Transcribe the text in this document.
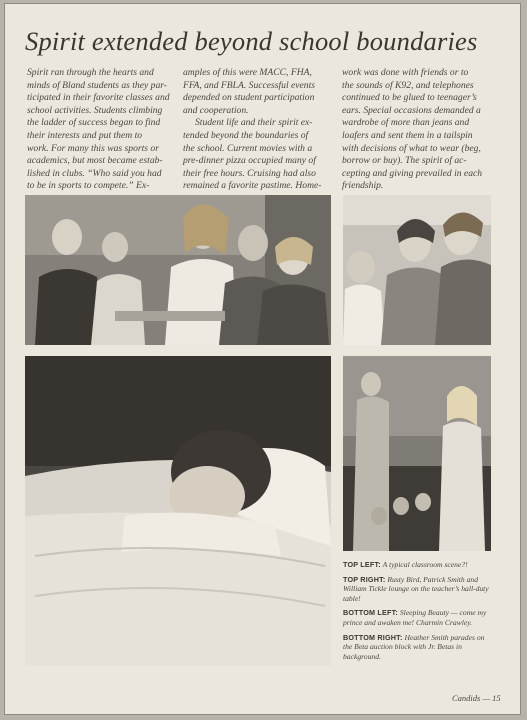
Spirit extended beyond school boundaries
Spirit ran through the hearts and
minds of Bland students as they par-
ticipated in their favorite classes and
school activities. Students climbing
the ladder of success began to find
their interests and put them to
work. For many this was sports or
academics, but most became estab-
lished in clubs. “Who said you had
to be in sports to compete.” Ex-
amples of this were MACC, FHA,
FFA, and FBLA. Successful events
depended on student participation
and cooperation.
Student life and their spirit ex-
tended beyond the boundaries of
the school. Current movies with a
pre-dinner pizza occupied many of
their free hours. Cruising had also
remained a favorite pastime. Home-
work was done with friends or to
the sounds of K92, and telephones
continued to be glued to teenager’s
ears. Special occasions demanded a
wardrobe of more than jeans and
loafers and sent them in a tailspin
with decisions of what to wear (beg,
borrow or buy). The spirit of ac-
cepting and giving prevailed in each
friendship.
TOP LEFT: A typical classroom scene?!
TOP RIGHT: Rusty Bird, Patrick Smith and William Tickle lounge on the teacher’s hall-duty table!
BOTTOM LEFT: Sleeping Beauty — come my prince and awaken me! Charmin Crawley.
BOTTOM RIGHT: Heather Smith parades on the Beta auction block with Jr. Betas in background.
Candids — 15
